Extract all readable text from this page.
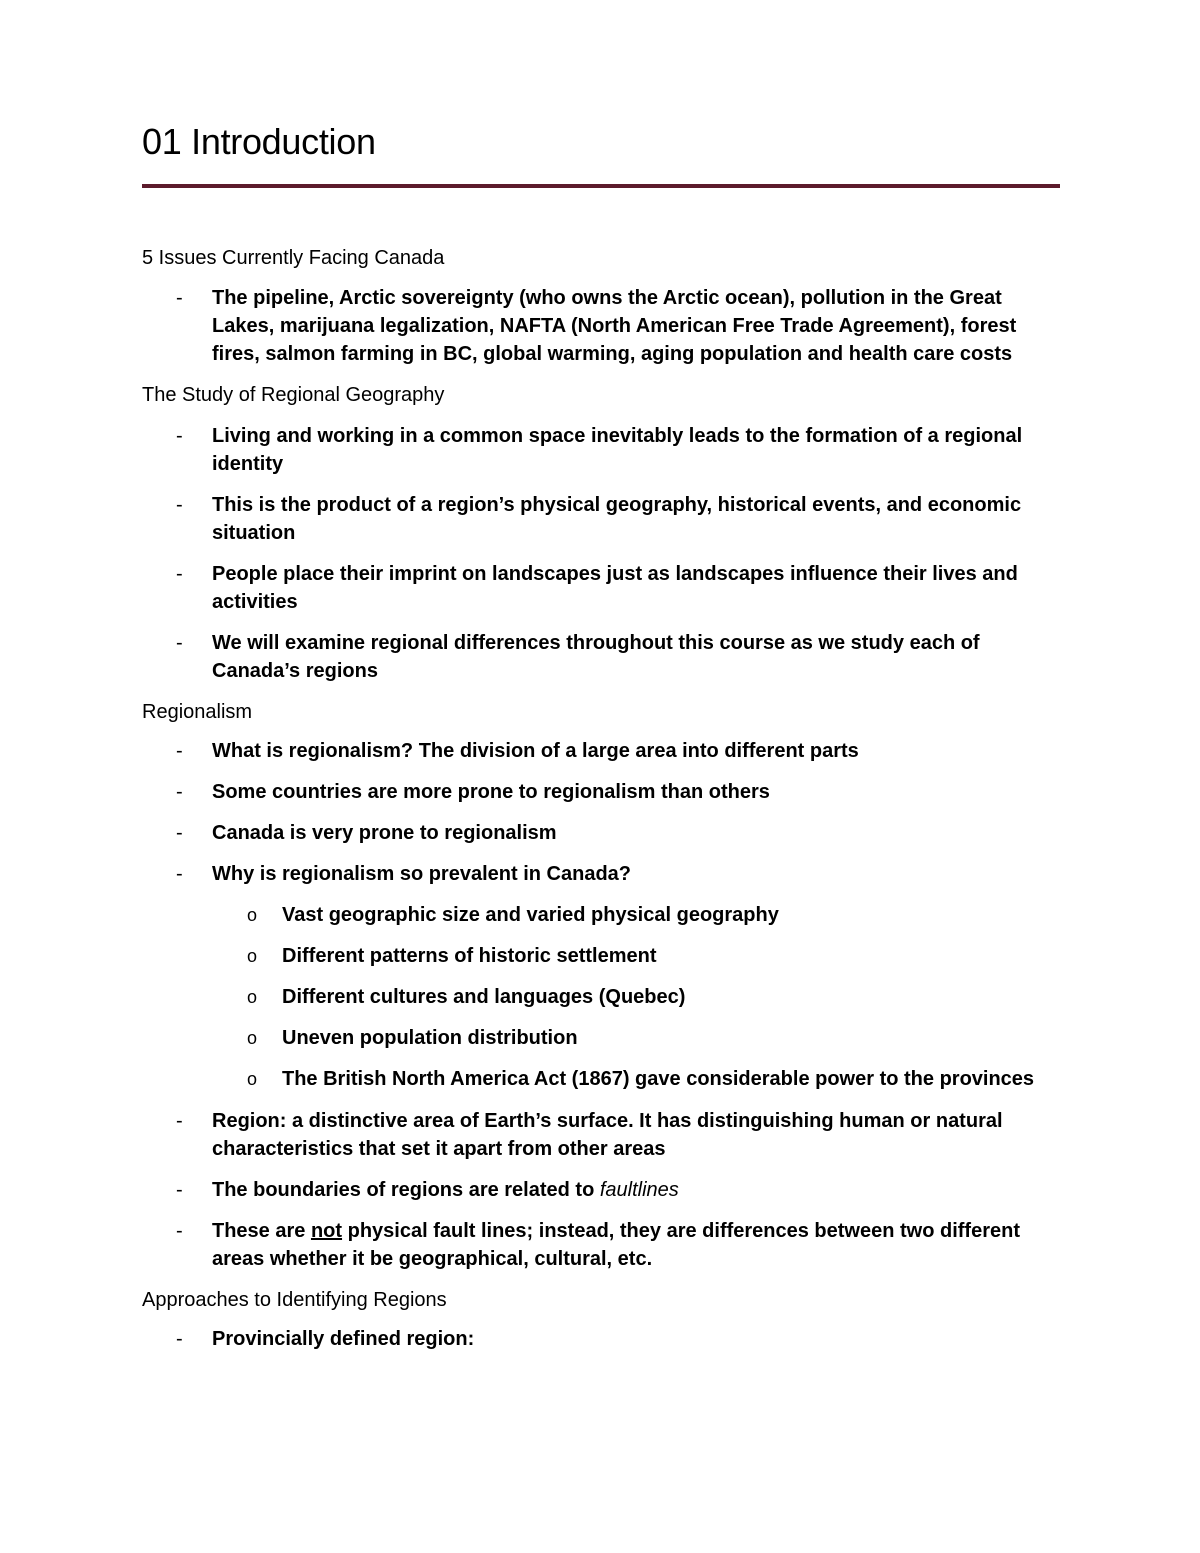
01 Introduction

5 Issues Currently Facing Canada

- The pipeline, Arctic sovereignty (who owns the Arctic ocean), pollution in the Great Lakes, marijuana legalization, NAFTA (North American Free Trade Agreement), forest fires, salmon farming in BC, global warming, aging population and health care costs

The Study of Regional Geography

- Living and working in a common space inevitably leads to the formation of a regional identity
- This is the product of a region’s physical geography, historical events, and economic situation
- People place their imprint on landscapes just as landscapes influence their lives and activities
- We will examine regional differences throughout this course as we study each of Canada’s regions

Regionalism

- What is regionalism? The division of a large area into different parts
- Some countries are more prone to regionalism than others
- Canada is very prone to regionalism
- Why is regionalism so prevalent in Canada?
o Vast geographic size and varied physical geography
o Different patterns of historic settlement
o Different cultures and languages (Quebec)
o Uneven population distribution
o The British North America Act (1867) gave considerable power to the provinces
- Region: a distinctive area of Earth’s surface. It has distinguishing human or natural characteristics that set it apart from other areas
- The boundaries of regions are related to faultlines
- These are not physical fault lines; instead, they are differences between two different areas whether it be geographical, cultural, etc.

Approaches to Identifying Regions

- Provincially defined region:
